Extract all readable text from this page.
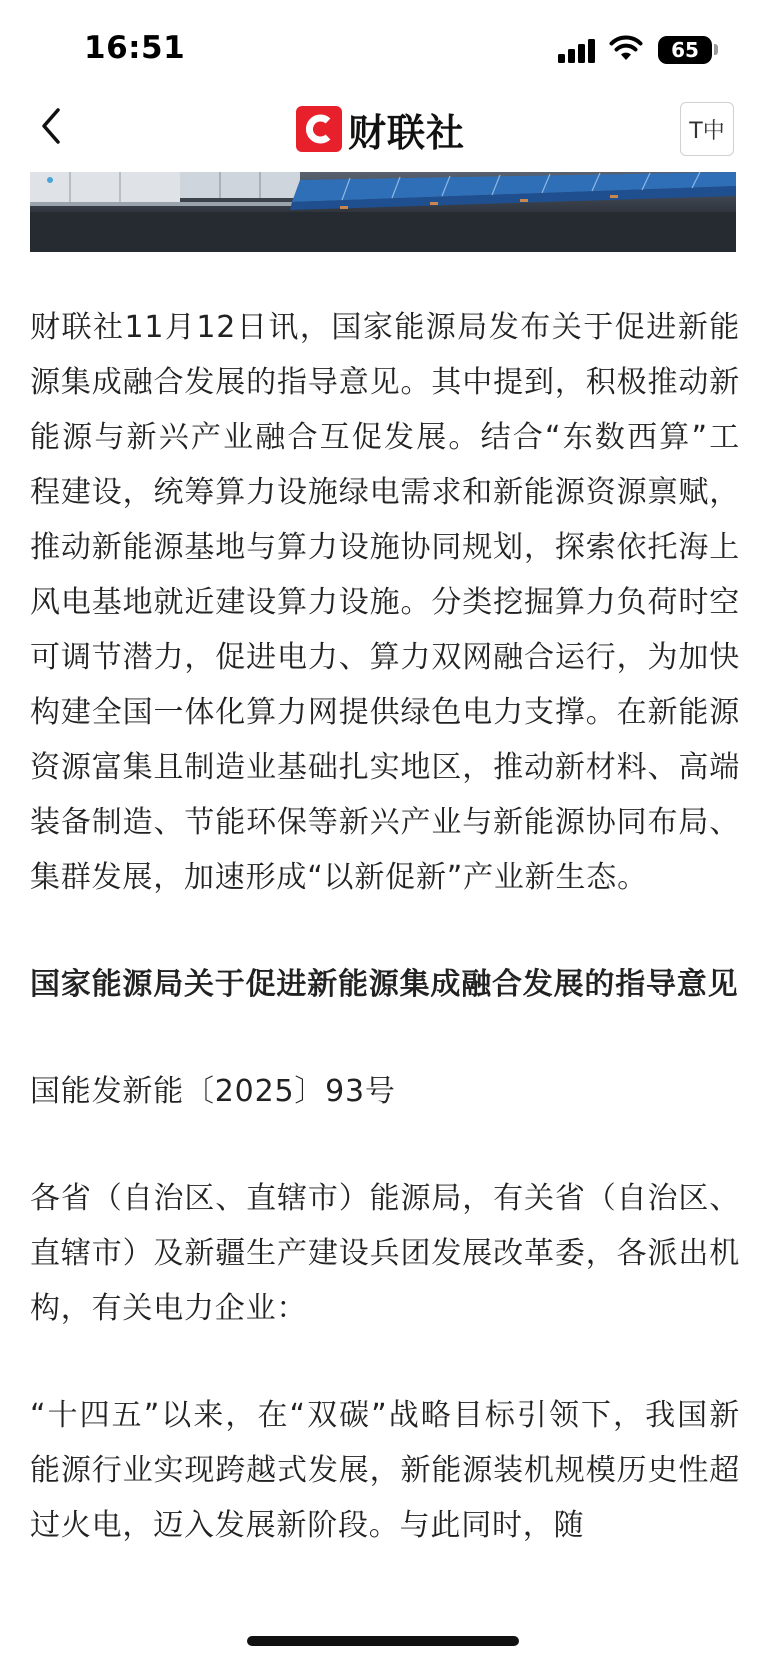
16:51	65
财联社	T中

财联社11月12日讯，国家能源局发布关于促进新能源集成融合发展的指导意见。其中提到，积极推动新能源与新兴产业融合互促发展。结合“东数西算”工程建设，统筹算力设施绿电需求和新能源资源禀赋，推动新能源基地与算力设施协同规划，探索依托海上风电基地就近建设算力设施。分类挖掘算力负荷时空可调节潜力，促进电力、算力双网融合运行，为加快构建全国一体化算力网提供绿色电力支撑。在新能源资源富集且制造业基础扎实地区，推动新材料、高端装备制造、节能环保等新兴产业与新能源协同布局、集群发展，加速形成“以新促新”产业新生态。

国家能源局关于促进新能源集成融合发展的指导意见

国能发新能〔2025〕93号

各省（自治区、直辖市）能源局，有关省（自治区、直辖市）及新疆生产建设兵团发展改革委，各派出机构，有关电力企业：

“十四五”以来，在“双碳”战略目标引领下，我国新能源行业实现跨越式发展，新能源装机规模历史性超过火电，迈入发展新阶段。与此同时，随
